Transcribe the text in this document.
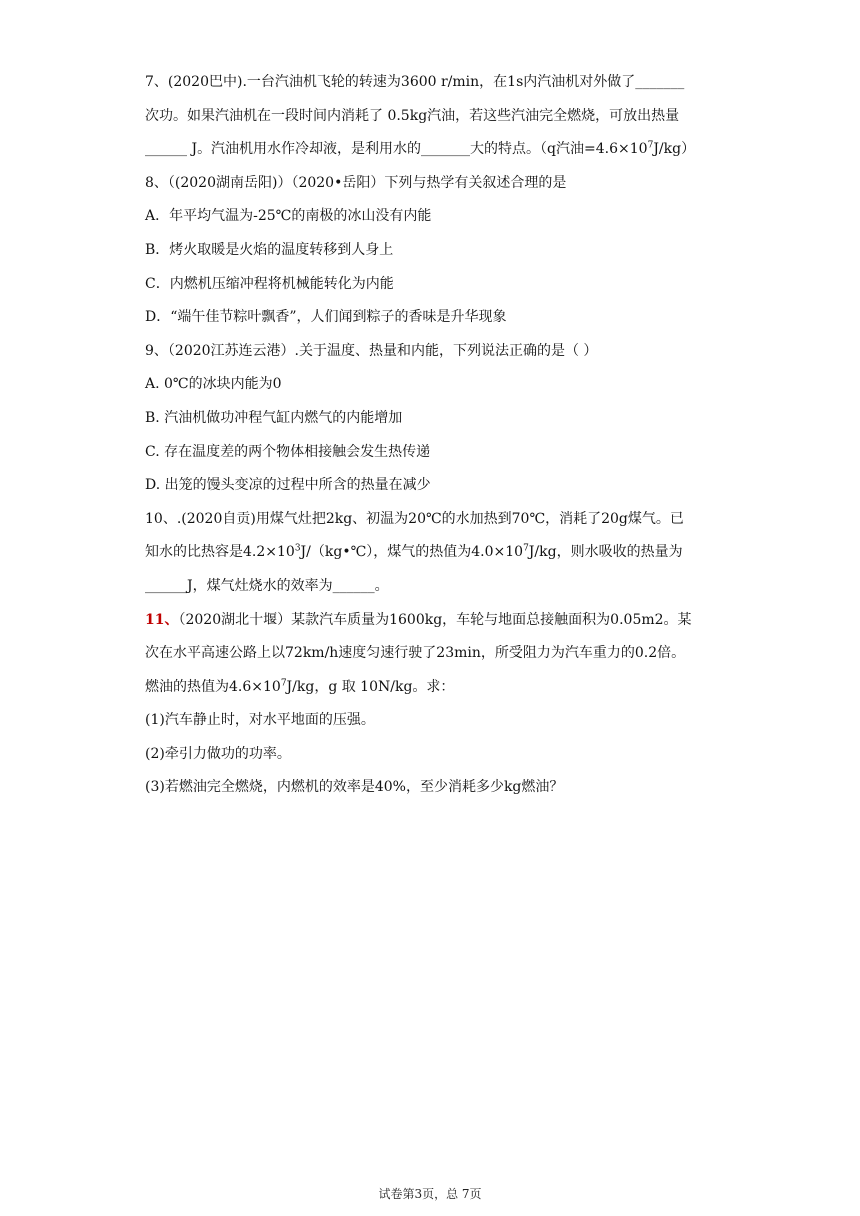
7、(2020巴中).一台汽油机飞轮的转速为3600 r/min，在1s内汽油机对外做了_______
次功。如果汽油机在一段时间内消耗了 0.5kg汽油，若这些汽油完全燃烧，可放出热量
______ J。汽油机用水作冷却液，是利用水的_______大的特点。（q汽油$=4.6\times 10^7J/kg$）
8、（(2020湖南岳阳)）（2020•岳阳）下列与热学有关叙述合理的是
A．年平均气温为-25℃的南极的冰山没有内能
B．烤火取暖是火焰的温度转移到人身上
C．内燃机压缩冲程将机械能转化为内能
D．“端午佳节粽叶飘香”，人们闻到粽子的香味是升华现象
9、（2020江苏连云港）.关于温度、热量和内能，下列说法正确的是（ ）
A. 0℃的冰块内能为0
B. 汽油机做功冲程气缸内燃气的内能增加
C. 存在温度差的两个物体相接触会发生热传递
D. 出笼的馒头变凉的过程中所含的热量在减少
10、.(2020自贡)用煤气灶把2kg、初温为20℃的水加热到70℃，消耗了20g煤气。已
知水的比热容是$4.2\times 10^3J/(kg•℃)$，煤气的热值为$4.0\times 10^7J/kg$，则水吸收的热量为
______J，煤气灶烧水的效率为______。
11、（2020湖北十堰）某款汽车质量为1600kg，车轮与地面总接触面积为0.05m2。某
次在水平高速公路上以72km/h速度匀速行驶了23min，所受阻力为汽车重力的0.2倍。
燃油的热值为$4.6\times 10^7J/kg$，g 取 10N/kg。求：
(1)汽车静止时，对水平地面的压强。
(2)牵引力做功的功率。
(3)若燃油完全燃烧，内燃机的效率是40%，至少消耗多少kg燃油？
试卷第3页，总 7页
